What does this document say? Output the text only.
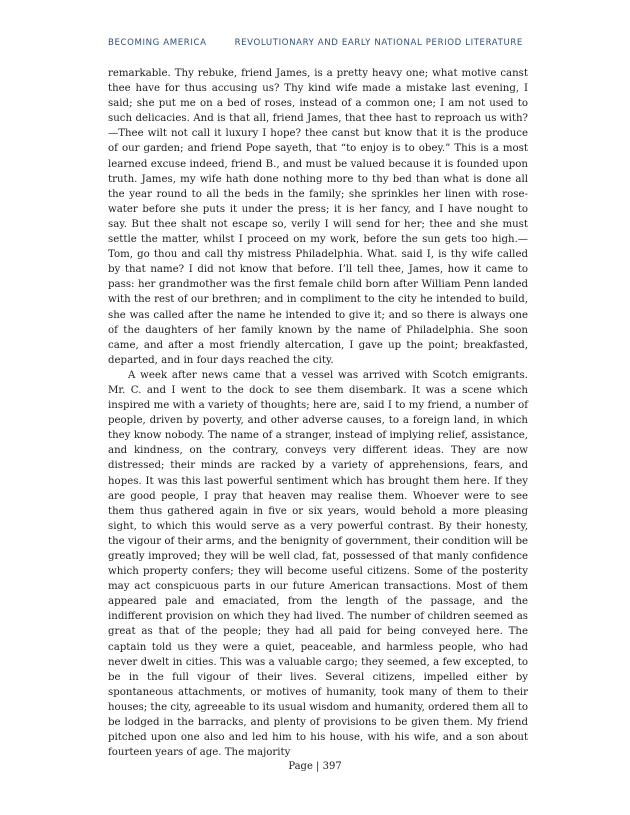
BECOMING AMERICA	REVOLUTIONARY AND EARLY NATIONAL PERIOD LITERATURE

remarkable. Thy rebuke, friend James, is a pretty heavy one; what motive canst thee have for thus accusing us? Thy kind wife made a mistake last evening, I said; she put me on a bed of roses, instead of a common one; I am not used to such delicacies. And is that all, friend James, that thee hast to reproach us with?—Thee wilt not call it luxury I hope? thee canst but know that it is the produce of our garden; and friend Pope sayeth, that “to enjoy is to obey.” This is a most learned excuse indeed, friend B., and must be valued because it is founded upon truth. James, my wife hath done nothing more to thy bed than what is done all the year round to all the beds in the family; she sprinkles her linen with rose-water before she puts it under the press; it is her fancy, and I have nought to say. But thee shalt not escape so, verily I will send for her; thee and she must settle the matter, whilst I proceed on my work, before the sun gets too high.—Tom, go thou and call thy mistress Philadelphia. What. said I, is thy wife called by that name? I did not know that before. I’ll tell thee, James, how it came to pass: her grandmother was the first female child born after William Penn landed with the rest of our brethren; and in compliment to the city he intended to build, she was called after the name he intended to give it; and so there is always one of the daughters of her family known by the name of Philadelphia. She soon came, and after a most friendly altercation, I gave up the point; breakfasted, departed, and in four days reached the city.

A week after news came that a vessel was arrived with Scotch emigrants. Mr. C. and I went to the dock to see them disembark. It was a scene which inspired me with a variety of thoughts; here are, said I to my friend, a number of people, driven by poverty, and other adverse causes, to a foreign land, in which they know nobody. The name of a stranger, instead of implying relief, assistance, and kindness, on the contrary, conveys very different ideas. They are now distressed; their minds are racked by a variety of apprehensions, fears, and hopes. It was this last powerful sentiment which has brought them here. If they are good people, I pray that heaven may realise them. Whoever were to see them thus gathered again in five or six years, would behold a more pleasing sight, to which this would serve as a very powerful contrast. By their honesty, the vigour of their arms, and the benignity of government, their condition will be greatly improved; they will be well clad, fat, possessed of that manly confidence which property confers; they will become useful citizens. Some of the posterity may act conspicuous parts in our future American transactions. Most of them appeared pale and emaciated, from the length of the passage, and the indifferent provision on which they had lived. The number of children seemed as great as that of the people; they had all paid for being conveyed here. The captain told us they were a quiet, peaceable, and harmless people, who had never dwelt in cities. This was a valuable cargo; they seemed, a few excepted, to be in the full vigour of their lives. Several citizens, impelled either by spontaneous attachments, or motives of humanity, took many of them to their houses; the city, agreeable to its usual wisdom and humanity, ordered them all to be lodged in the barracks, and plenty of provisions to be given them. My friend pitched upon one also and led him to his house, with his wife, and a son about fourteen years of age. The majority

Page | 397
